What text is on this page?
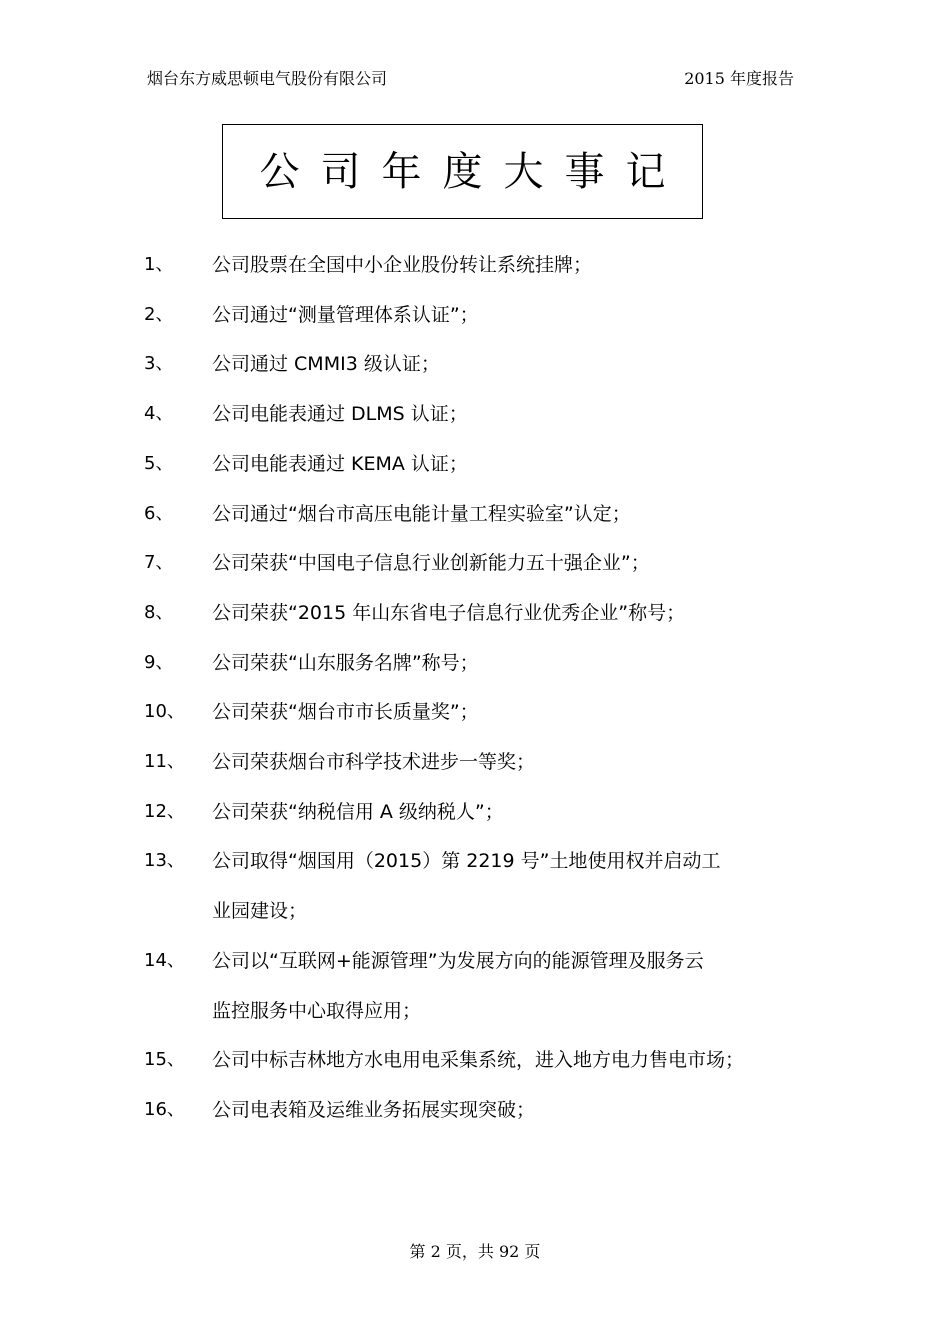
烟台东方威思顿电气股份有限公司	2015 年度报告
公司年度大事记
1、 公司股票在全国中小企业股份转让系统挂牌；
2、 公司通过“测量管理体系认证”；
3、 公司通过 CMMI3 级认证；
4、 公司电能表通过 DLMS 认证；
5、 公司电能表通过 KEMA 认证；
6、 公司通过“烟台市高压电能计量工程实验室”认定；
7、 公司荣获“中国电子信息行业创新能力五十强企业”；
8、 公司荣获“2015 年山东省电子信息行业优秀企业”称号；
9、 公司荣获“山东服务名牌”称号；
10、 公司荣获“烟台市市长质量奖”；
11、 公司荣获烟台市科学技术进步一等奖；
12、 公司荣获“纳税信用 A 级纳税人”；
13、 公司取得“烟国用（2015）第 2219 号”土地使用权并启动工
业园建设；
14、 公司以“互联网+能源管理”为发展方向的能源管理及服务云
监控服务中心取得应用；
15、 公司中标吉林地方水电用电采集系统，进入地方电力售电市场；
16、 公司电表箱及运维业务拓展实现突破；
第 2 页，共 92 页
